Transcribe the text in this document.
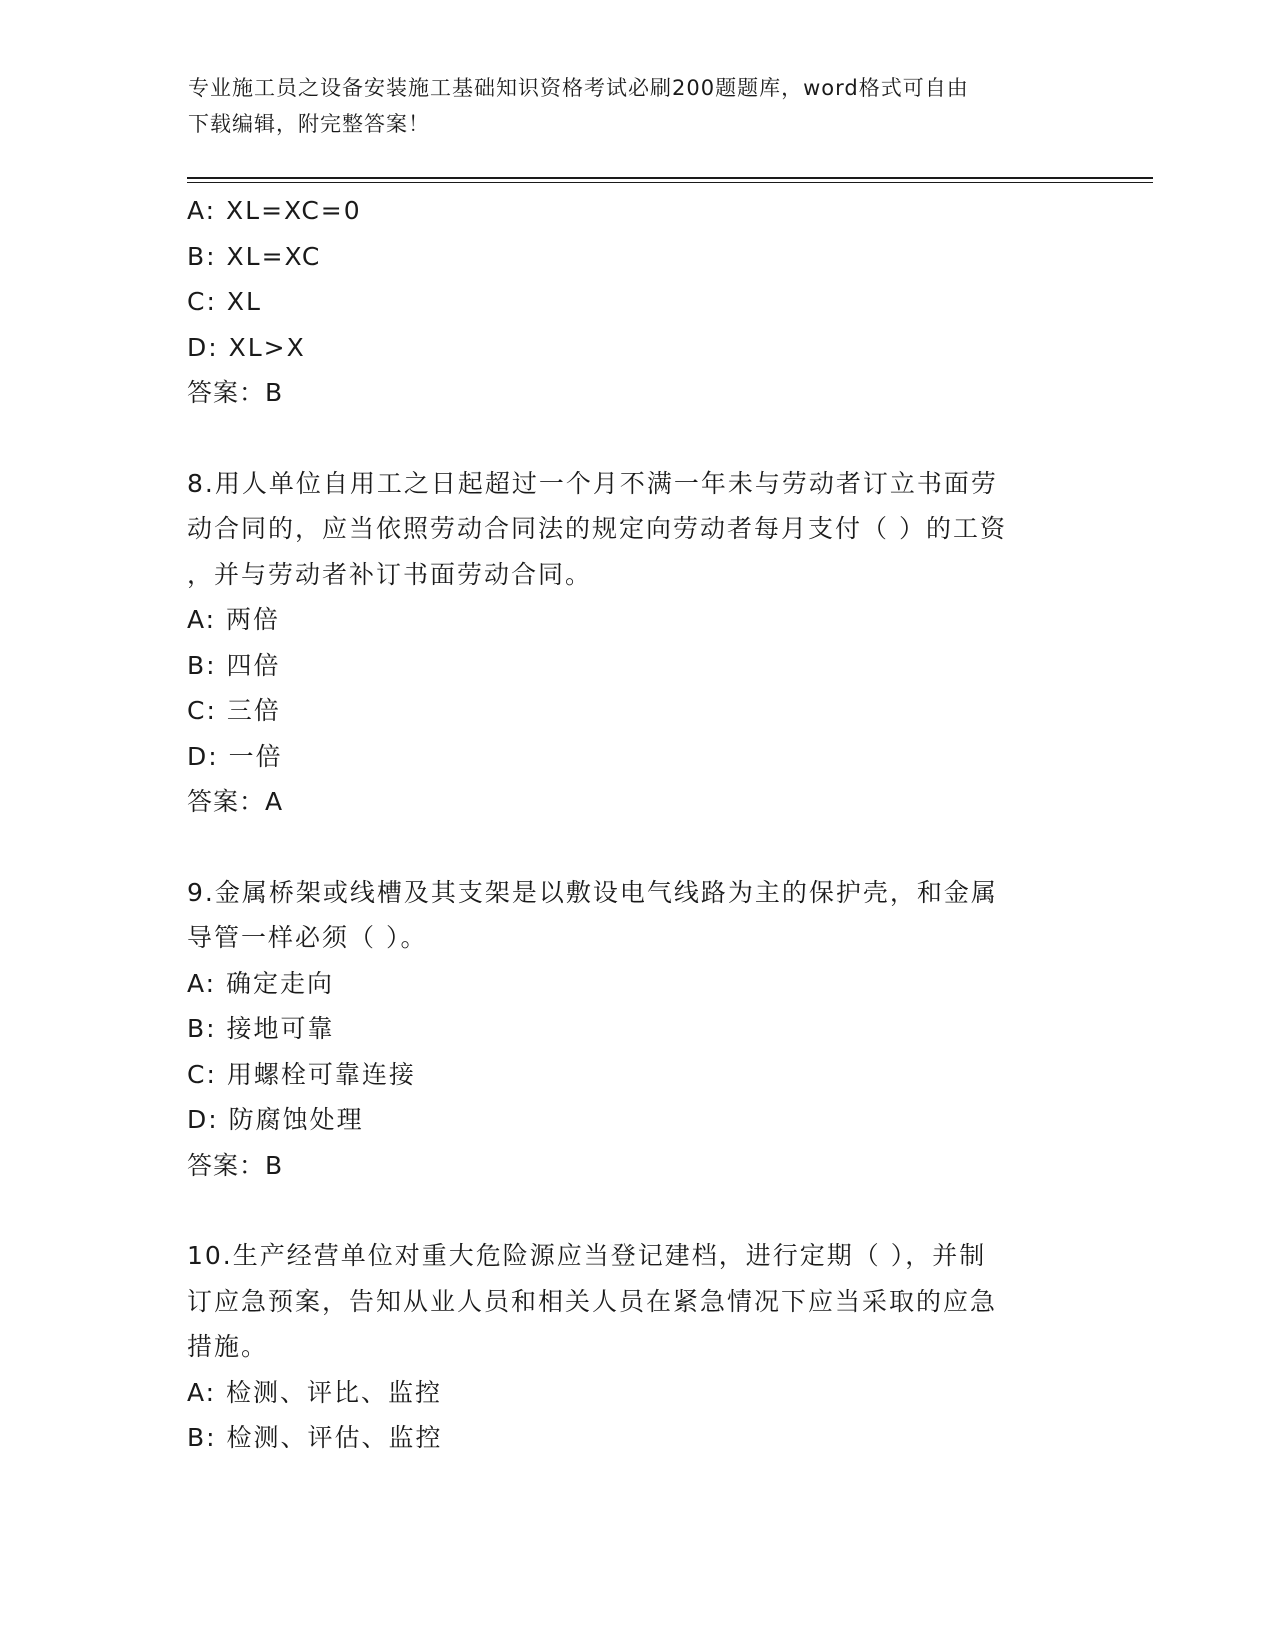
专业施工员之设备安装施工基础知识资格考试必刷200题题库，word格式可自由
下载编辑，附完整答案！
A: XL=XC=0
B: XL=XC
C: XL
D: XL>X
答案：B
8.用人单位自用工之日起超过一个月不满一年未与劳动者订立书面劳
动合同的，应当依照劳动合同法的规定向劳动者每月支付（ ）的工资
，并与劳动者补订书面劳动合同。
A: 两倍
B: 四倍
C: 三倍
D: 一倍
答案：A
9.金属桥架或线槽及其支架是以敷设电气线路为主的保护壳，和金属
导管一样必须（ ）。
A: 确定走向
B: 接地可靠
C: 用螺栓可靠连接
D: 防腐蚀处理
答案：B
10.生产经营单位对重大危险源应当登记建档，进行定期（ ），并制
订应急预案，告知从业人员和相关人员在紧急情况下应当采取的应急
措施。
A: 检测、评比、监控
B: 检测、评估、监控
